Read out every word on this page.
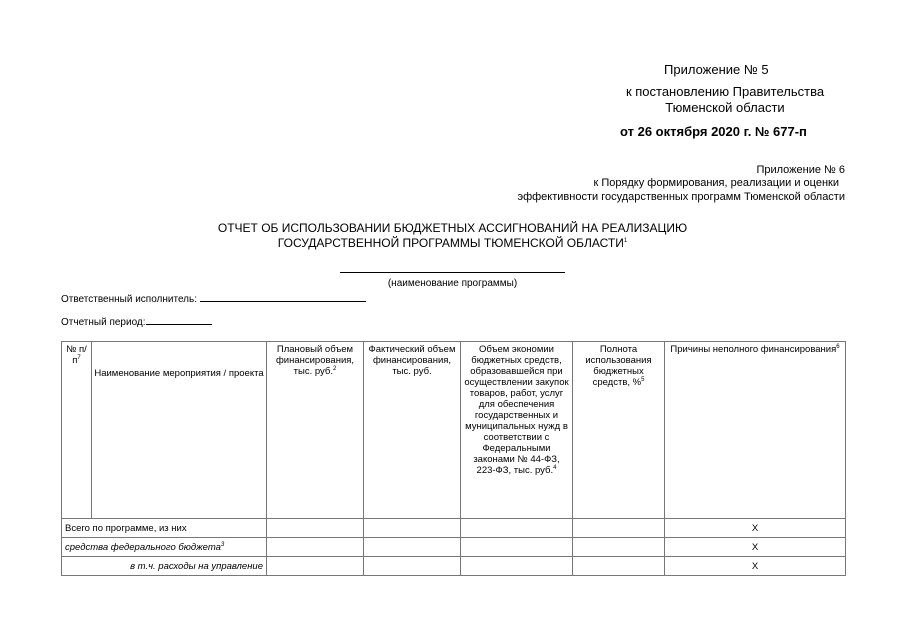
Приложение № 5
к постановлению Правительства
Тюменской области
от 26 октября 2020 г. № 677-п
Приложение № 6
к Порядку формирования, реализации и оценки
эффективности государственных программ Тюменской области
ОТЧЕТ ОБ ИСПОЛЬЗОВАНИИ БЮДЖЕТНЫХ АССИГНОВАНИЙ НА РЕАЛИЗАЦИЮ
ГОСУДАРСТВЕННОЙ ПРОГРАММЫ ТЮМЕНСКОЙ ОБЛАСТИ$^1$
(наименование программы)
Ответственный исполнитель:
Отчетный период:
№ $п/п^7$	Наименование мероприятия / проекта	Плановый объем финансирования, тыс. руб.$^2$	Фактический объем финансирования, тыс. руб.	Объем экономии бюджетных средств, образовавшейся при осуществлении закупок товаров, работ, услуг для обеспечения государственных и муниципальных нужд в соответствии с Федеральными законами № 44-ФЗ, 223-ФЗ, тыс. руб.$^4$	Полнота использования бюджетных средств, %$^5$	Причины неполного финансирования$^6$
Всего по программе, из них						Х
средства федерального бюджета$^3$						Х
в т.ч. расходы на управление						Х
